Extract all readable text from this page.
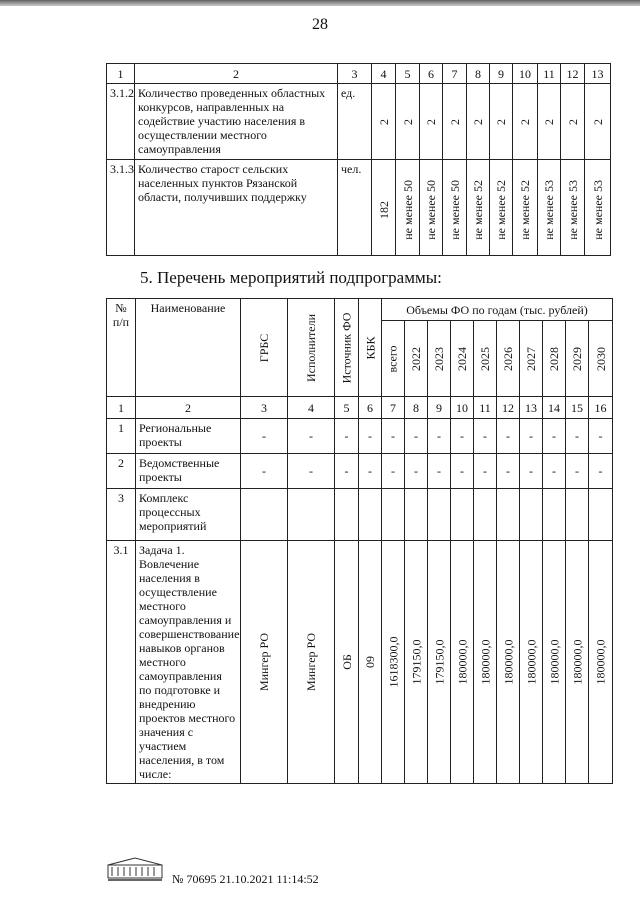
28
1	2	3	4	5	6	7	8	9	10	11	12	13
3.1.2	Количество проведенных областных конкурсов, направленных на содействие участию населения в осуществлении местного самоуправления	ед.	2	2	2	2	2	2	2	2	2	2

3.1.3	Количество старост сельских населенных пунктов Рязанской области, получивших поддержку	чел.	182	не менее 50	не менее 50	не менее 50	не менее 52	не менее 52	не менее 52	не менее 53	не менее 53	не менее 53
5. Перечень мероприятий подпрограммы:
№ п/п	Наименование	ГРБС	Исполнители	Источник ФО	КБК	Объемы ФО по годам (тыс. рублей)									

						всего	2022	2023	2024	2025	2026	2027	2028	2029	2030

1	2	3	4	5	6	7	8	9	10	11	12	13	14	15	16
1	Региональные проекты	-	-	-	-	-	-	-	-	-	-	-	-	-	-
2	Ведомственные проекты	-	-	-	-	-	-	-	-	-	-	-	-	-	-
3	Комплекс процессных мероприятий														
3.1	Задача 1. Вовлечение населения в осуществление местного самоуправления и совершенствование навыков органов местного самоуправления по подготовке и внедрению проектов местного значения с участием населения, в том числе:	Мингер РО	Мингер РО	ОБ	09	1618300,0	179150,0	179150,0	180000,0	180000,0	180000,0	180000,0	180000,0	180000,0	180000,0
№ 70695 21.10.2021 11:14:52
